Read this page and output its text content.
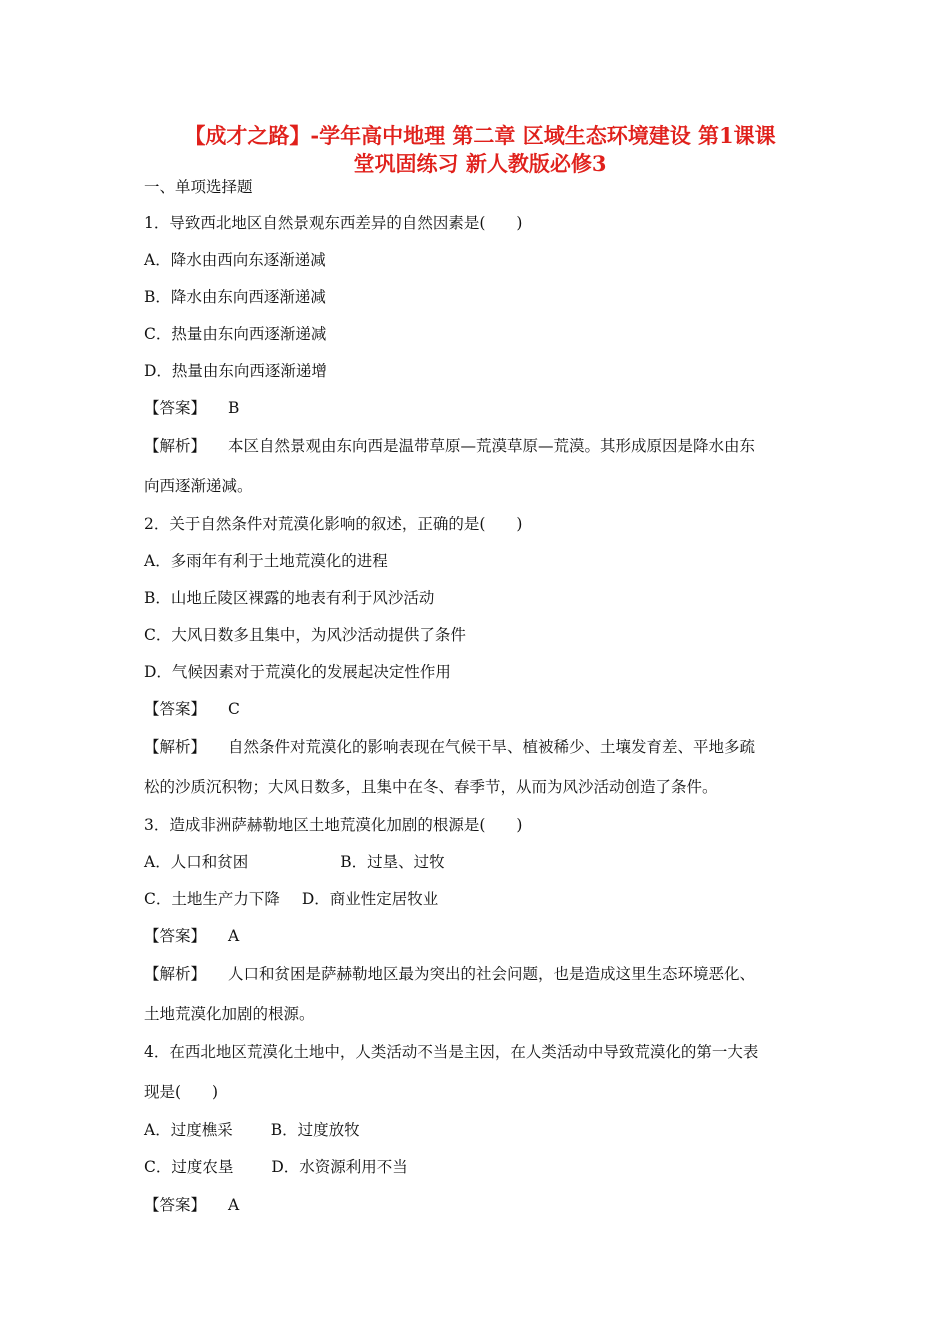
【成才之路】-学年高中地理 第二章 区域生态环境建设 第1课课
堂巩固练习 新人教版必修3
一、单项选择题
1．导致西北地区自然景观东西差异的自然因素是(　　)
A．降水由西向东逐渐递减
B．降水由东向西逐渐递减
C．热量由东向西逐渐递减
D．热量由东向西逐渐递增
【答案】 B
【解析】 本区自然景观由东向西是温带草原—荒漠草原—荒漠。其形成原因是降水由东
向西逐渐递减。
2．关于自然条件对荒漠化影响的叙述，正确的是(　　)
A．多雨年有利于土地荒漠化的进程
B．山地丘陵区裸露的地表有利于风沙活动
C．大风日数多且集中，为风沙活动提供了条件
D．气候因素对于荒漠化的发展起决定性作用
【答案】 C
【解析】 自然条件对荒漠化的影响表现在气候干旱、植被稀少、土壤发育差、平地多疏
松的沙质沉积物；大风日数多，且集中在冬、春季节，从而为风沙活动创造了条件。
3．造成非洲萨赫勒地区土地荒漠化加剧的根源是(　　)
A．人口和贫困	B．过垦、过牧
C．土地生产力下降 D．商业性定居牧业
【答案】 A
【解析】 人口和贫困是萨赫勒地区最为突出的社会问题，也是造成这里生态环境恶化、
土地荒漠化加剧的根源。
4．在西北地区荒漠化土地中，人类活动不当是主因，在人类活动中导致荒漠化的第一大表
现是(　　)
A．过度樵采 B．过度放牧
C．过度农垦 D．水资源利用不当
【答案】 A
